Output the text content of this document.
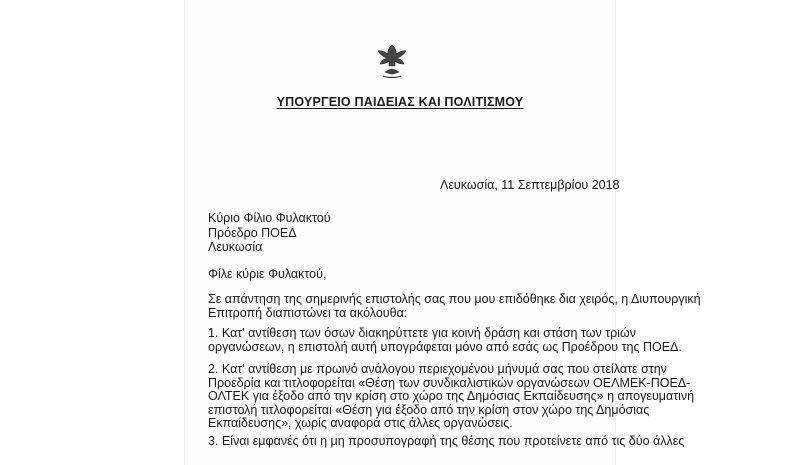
ΥΠΟΥΡΓΕΙΟ ΠΑΙΔΕΙΑΣ ΚΑΙ ΠΟΛΙΤΙΣΜΟΥ
Λευκωσία, 11 Σεπτεμβρίου 2018
Κύριο Φίλιο Φυλακτού
Πρόεδρο ΠΟΕΔ
Λευκωσία

Φίλε κύριε Φυλακτού,

Σε απάντηση της σημερινής επιστολής σας που μου επιδόθηκε δια χειρός, η Διυπουργική

Επιτροπή διαπιστώνει τα ακόλουθα:

1. Κατ' αντίθεση των όσων διακηρύττετε για κοινή δράση και στάση των τριών

οργανώσεων, η επιστολή αυτή υπογράφεται μόνο από εσάς ως Προέδρου της ΠΟΕΔ.

2. Κατ' αντίθεση με πρωινό ανάλογου περιεχομένου μήνυμά σας που στείλατε στην

Προεδρία και τιτλοφορείται «Θέση των συνδικαλιστικών οργανώσεων ΟΕΛΜΕΚ-ΠΟΕΔ-

ΟΛΤΕΚ για έξοδο από την κρίση στο χώρο της Δημόσιας Εκπαίδευσης» η απογευματινή

επιστολή τιτλοφορείται «Θέση για έξοδο από την κρίση στον χώρο της Δημόσιας

Εκπαίδευσης», χωρίς αναφορά στις άλλες οργανώσεις.

3. Είναι εμφανές ότι η μη προσυπογραφή της θέσης που προτείνετε από τις δύο άλλες
